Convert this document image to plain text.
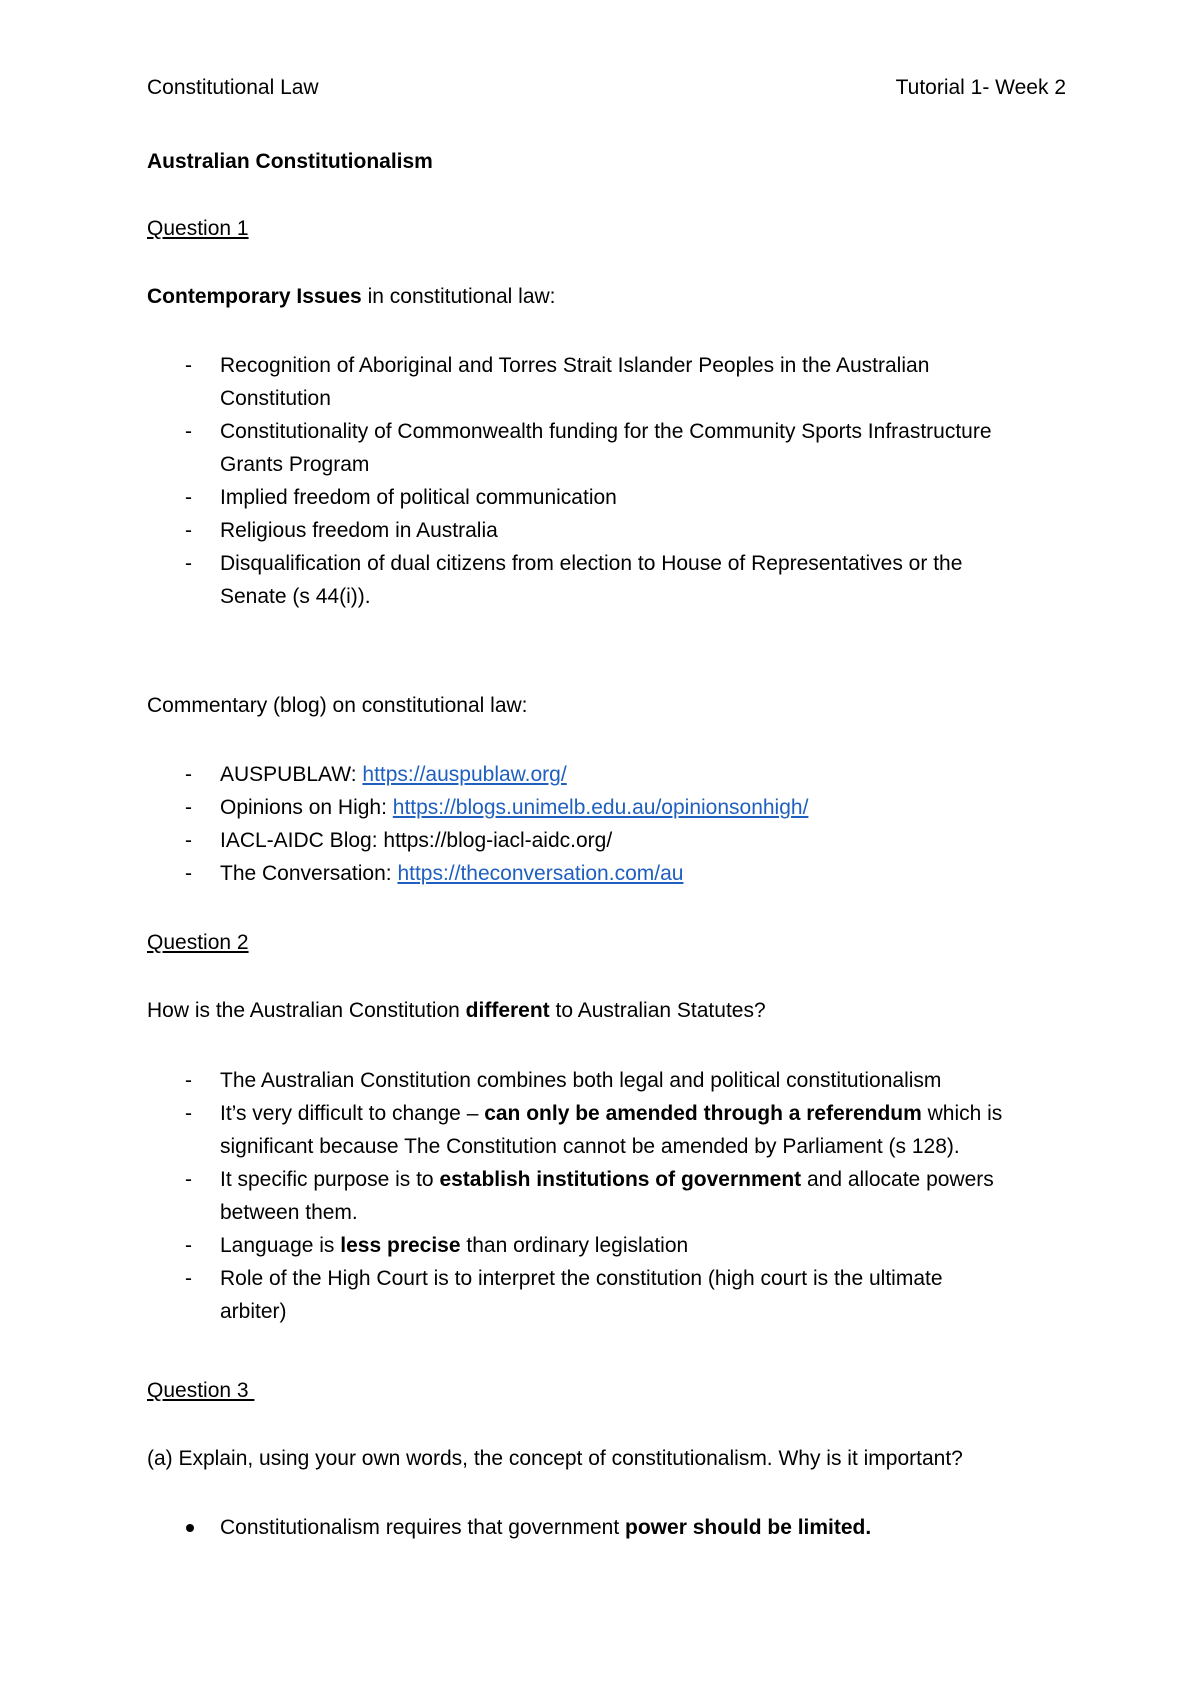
Constitutional Law	Tutorial 1- Week 2

Australian Constitutionalism

Question 1

Contemporary Issues in constitutional law:

- Recognition of Aboriginal and Torres Strait Islander Peoples in the Australian
Constitution
- Constitutionality of Commonwealth funding for the Community Sports Infrastructure
Grants Program
- Implied freedom of political communication
- Religious freedom in Australia
- Disqualification of dual citizens from election to House of Representatives or the
Senate (s 44(i)).

Commentary (blog) on constitutional law:

- AUSPUBLAW: https://auspublaw.org/
- Opinions on High: https://blogs.unimelb.edu.au/opinionsonhigh/
- IACL-AIDC Blog: https://blog-iacl-aidc.org/
- The Conversation: https://theconversation.com/au

Question 2

How is the Australian Constitution different to Australian Statutes?

- The Australian Constitution combines both legal and political constitutionalism
- It’s very difficult to change – can only be amended through a referendum which is
significant because The Constitution cannot be amended by Parliament (s 128).
- It specific purpose is to establish institutions of government and allocate powers
between them.
- Language is less precise than ordinary legislation
- Role of the High Court is to interpret the constitution (high court is the ultimate
arbiter)

Question 3

(a) Explain, using your own words, the concept of constitutionalism. Why is it important?

Constitutionalism requires that government power should be limited.
